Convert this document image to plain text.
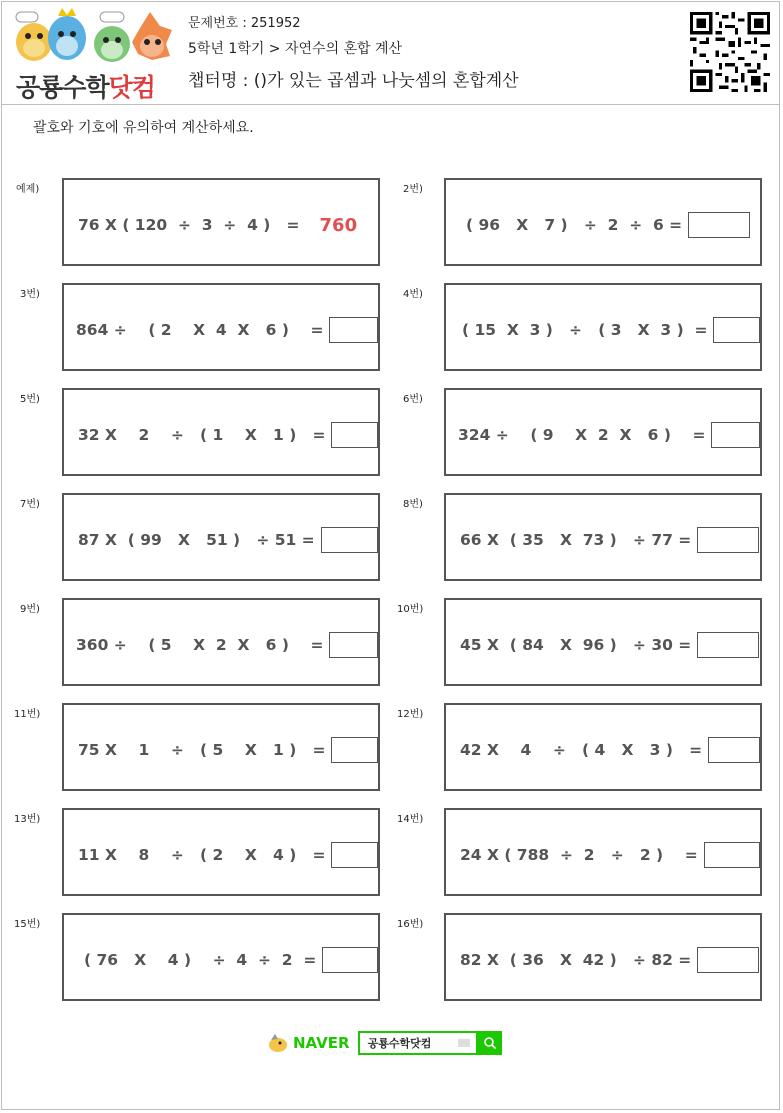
공룡수학닷컴
문제번호 : 251952
5학년 1학기 > 자연수의 혼합 계산
챕터명 : ()가 있는 곱셈과 나눗셈의 혼합계산
괄호와 기호에 유의하여 계산하세요.
예제)
76 X ( 120  ÷  3  ÷  4 )   = 760
2번)
( 96   X   7 )   ÷  2  ÷  6 =
3번)
864 ÷    ( 2    X  4  X   6 )    =
4번)
( 15  X  3 )   ÷   ( 3   X  3 )  =
5번)
32 X    2    ÷   ( 1    X   1 )   =
6번)
324 ÷    ( 9    X  2  X   6 )    =
7번)
87 X  ( 99   X   51 )   ÷ 51 =
8번)
66 X  ( 35   X  73 )   ÷ 77 =
9번)
360 ÷    ( 5    X  2  X   6 )    =
10번)
45 X  ( 84   X  96 )   ÷ 30 =
11번)
75 X    1    ÷   ( 5    X   1 )   =
12번)
42 X    4    ÷   ( 4   X   3 )   =
13번)
11 X    8    ÷   ( 2    X   4 )   =
14번)
24 X ( 788  ÷  2   ÷   2 )    =
15번)
( 76   X    4 )    ÷  4  ÷  2  =
16번)
82 X  ( 36   X  42 )   ÷ 82 =
NAVER 공룡수학닷컴
